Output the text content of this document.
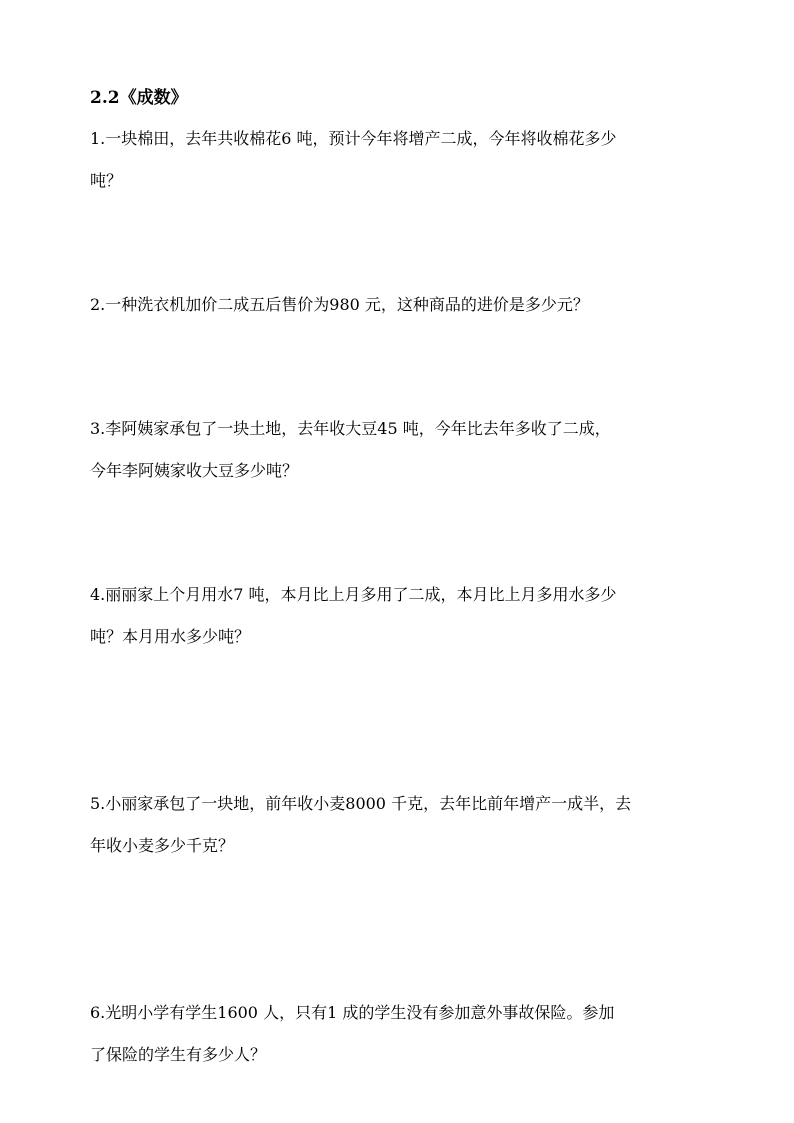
2.2《成数》
1.一块棉田，去年共收棉花6 吨，预计今年将增产二成，今年将收棉花多少
吨？
2.一种洗衣机加价二成五后售价为980 元，这种商品的进价是多少元？
3.李阿姨家承包了一块土地，去年收大豆45 吨，今年比去年多收了二成，
今年李阿姨家收大豆多少吨？
4.丽丽家上个月用水7 吨，本月比上月多用了二成，本月比上月多用水多少
吨？本月用水多少吨？
5.小丽家承包了一块地，前年收小麦8000 千克，去年比前年增产一成半，去
年收小麦多少千克？
6.光明小学有学生1600 人，只有1 成的学生没有参加意外事故保险。参加
了保险的学生有多少人？
